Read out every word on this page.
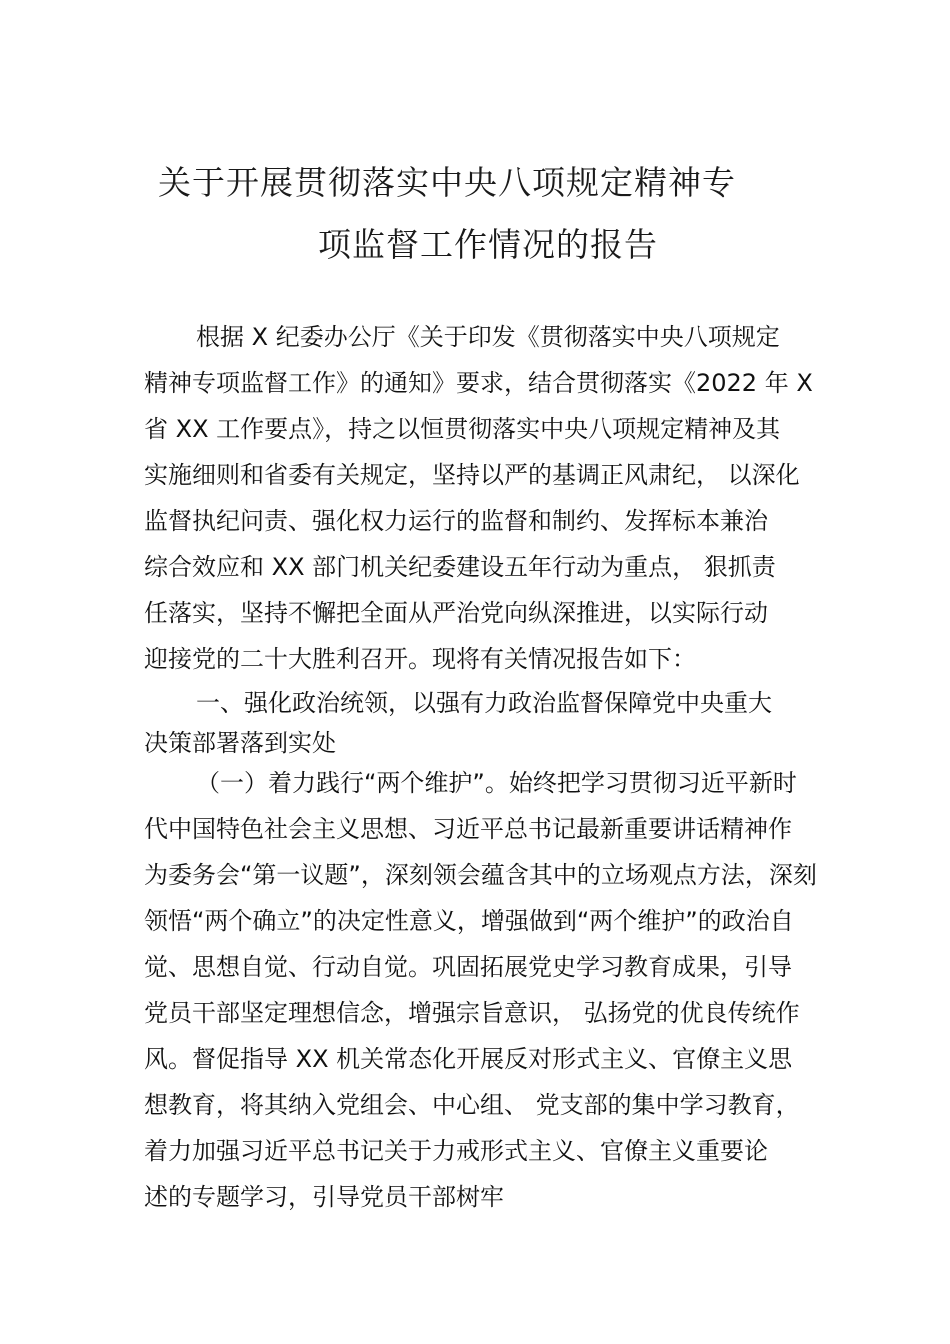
关于开展贯彻落实中央八项规定精神专
项监督工作情况的报告
根据 X 纪委办公厅《关于印发《贯彻落实中央八项规定
精神专项监督工作》的通知》要求，结合贯彻落实《2022 年 X
省 XX 工作要点》，持之以恒贯彻落实中央八项规定精神及其
实施细则和省委有关规定，坚持以严的基调正风肃纪， 以深化
监督执纪问责、强化权力运行的监督和制约、发挥标本兼治
综合效应和 XX 部门机关纪委建设五年行动为重点， 狠抓责
任落实，坚持不懈把全面从严治党向纵深推进，以实际行动
迎接党的二十大胜利召开。现将有关情况报告如下：
一、强化政治统领，以强有力政治监督保障党中央重大
决策部署落到实处
（一）着力践行“两个维护”。始终把学习贯彻习近平新时
代中国特色社会主义思想、习近平总书记最新重要讲话精神作
为委务会“第一议题”，深刻领会蕴含其中的立场观点方法，深刻
领悟“两个确立”的决定性意义，增强做到“两个维护”的政治自
觉、思想自觉、行动自觉。巩固拓展党史学习教育成果，引导
党员干部坚定理想信念，增强宗旨意识， 弘扬党的优良传统作
风。督促指导 XX 机关常态化开展反对形式主义、官僚主义思
想教育，将其纳入党组会、中心组、 党支部的集中学习教育，
着力加强习近平总书记关于力戒形式主义、官僚主义重要论
述的专题学习，引导党员干部树牢
